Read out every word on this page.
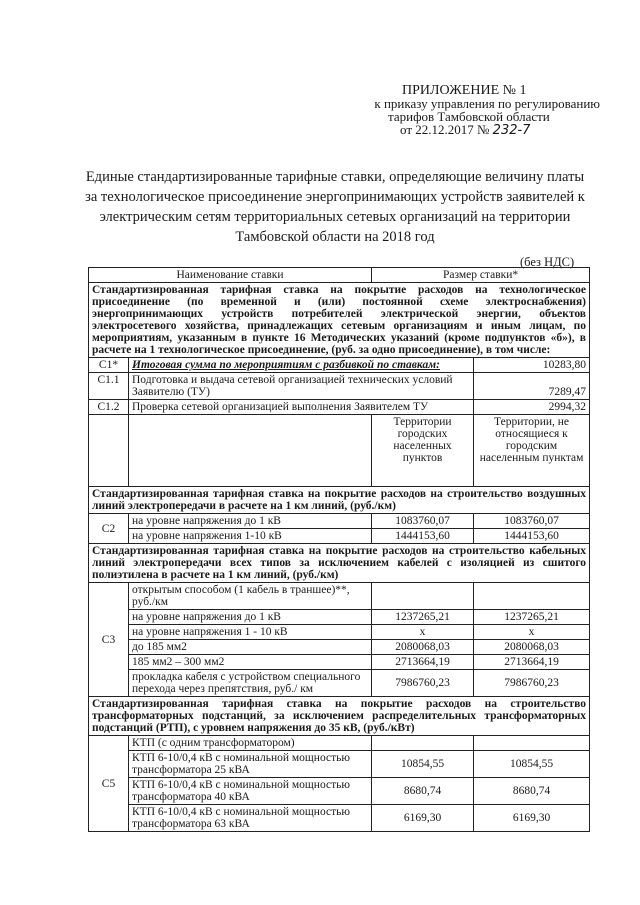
ПРИЛОЖЕНИЕ № 1
к приказу управления по регулированию
тарифов Тамбовской области
от 22.12.2017 № 232-7
Единые стандартизированные тарифные ставки, определяющие величину платы за технологическое присоединение энергопринимающих устройств заявителей к электрическим сетям территориальных сетевых организаций на территории Тамбовской области на 2018 год
(без НДС)
Наименование ставки		Размер ставки*	
Стандартизированная тарифная ставка на покрытие расходов на технологическое присоединение (по временной и (или) постоянной схеме электроснабжения) энергопринимающих устройств потребителей электрической энергии, объектов электросетевого хозяйства, принадлежащих сетевым организациям и иным лицам, по мероприятиям, указанным в пункте 16 Методических указаний (кроме подпунктов «б»), в расчете на 1 технологическое присоединение, (руб. за одно присоединение), в том числе:			
С1*	Итоговая сумма по мероприятиям с разбивкой по ставкам:		10283,80
С1.1	Подготовка и выдача сетевой организацией технических условий Заявителю (ТУ)		7289,47
С1.2	Проверка сетевой организацией выполнения Заявителем ТУ		2994,32
		Территории городских населенных пунктов	Территории, не относящиеся к городским населенным пунктам
Стандартизированная тарифная ставка на покрытие расходов на строительство воздушных линий электропередачи в расчете на 1 км линий, (руб./км)			
С2	на уровне напряжения до 1 кВ	1083760,07	1083760,07
	на уровне напряжения 1-10 кВ	1444153,60	1444153,60
Стандартизированная тарифная ставка на покрытие расходов на строительство кабельных линий электропередачи всех типов за исключением кабелей с изоляцией из сшитого полиэтилена в расчете на 1 км линий, (руб./км)			
С3	открытым способом (1 кабель в траншее)**, руб./км		
	на уровне напряжения до 1 кВ	1237265,21	1237265,21
	на уровне напряжения 1 - 10 кВ	х	х
	до 185 мм2	2080068,03	2080068,03
	185 мм2 – 300 мм2	2713664,19	2713664,19
	прокладка кабеля с устройством специального перехода через препятствия, руб./ км	7986760,23	7986760,23
Стандартизированная тарифная ставка на покрытие расходов на строительство трансформаторных подстанций, за исключением распределительных трансформаторных подстанций (РТП), с уровнем напряжения до 35 кВ, (руб./кВт)			
С5	КТП (с одним трансформатором)		
	КТП 6-10/0,4 кВ с номинальной мощностью трансформатора 25 кВА	10854,55	10854,55
	КТП 6-10/0,4 кВ с номинальной мощностью трансформатора 40 кВА	8680,74	8680,74
	КТП 6-10/0,4 кВ с номинальной мощностью трансформатора 63 кВА	6169,30	6169,30
